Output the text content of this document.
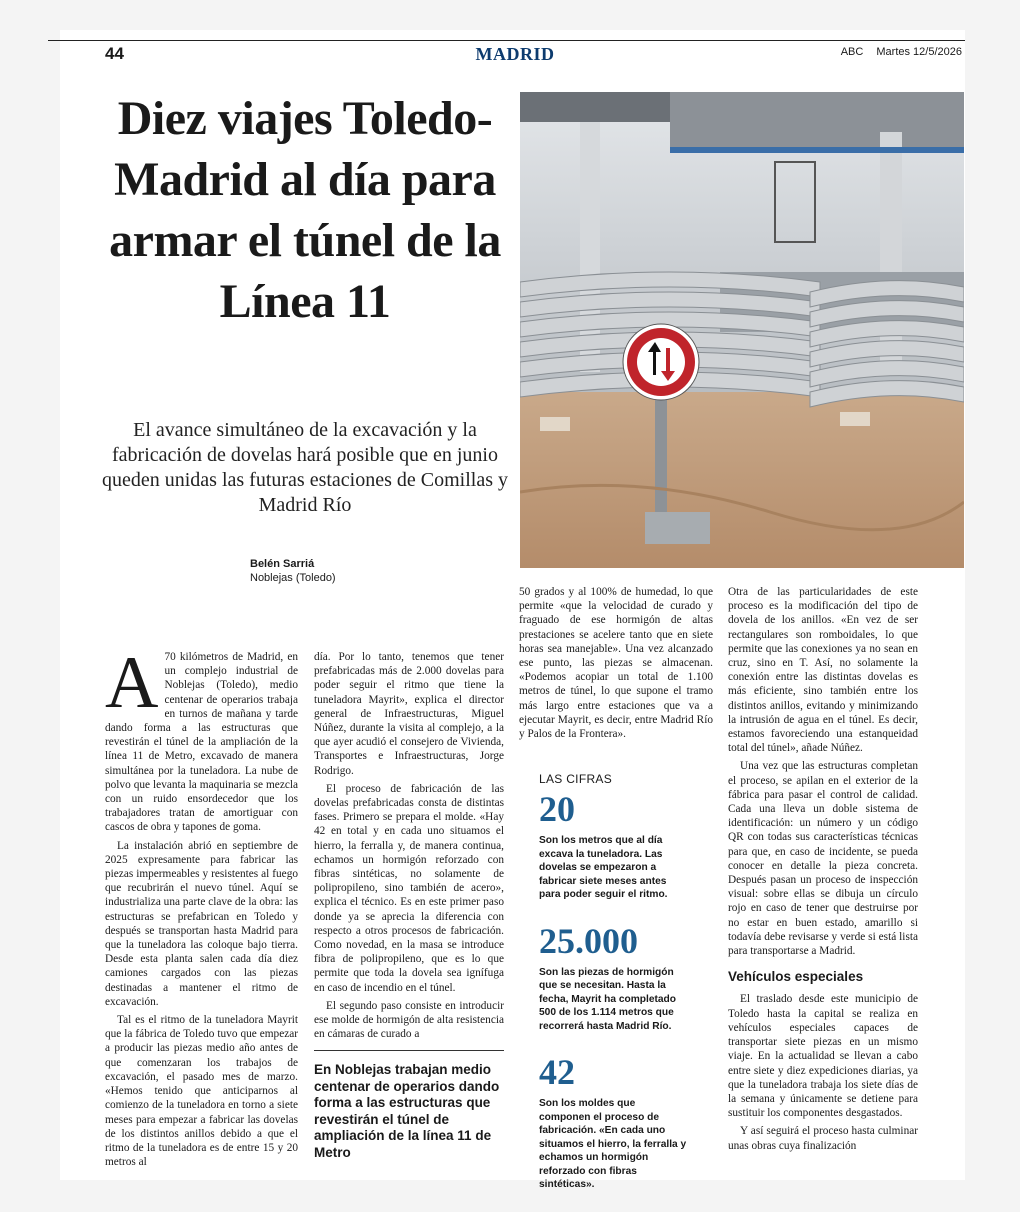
44	MADRID	ABC Martes 12/5/2026
Diez viajes Toledo-Madrid al día para armar el túnel de la Línea 11

El avance simultáneo de la excavación y la fabricación de dovelas hará posible que en junio queden unidas las futuras estaciones de Comillas y Madrid Río

Belén Sarriá
Noblejas (Toledo)

A 70 kilómetros de Madrid, en un complejo industrial de Noblejas (Toledo), medio centenar de operarios trabaja en turnos de mañana y tarde dando forma a las estructuras que revestirán el túnel de la ampliación de la línea 11 de Metro, excavado de manera simultánea por la tuneladora. La nube de polvo que levanta la maquinaria se mezcla con un ruido ensordecedor que los trabajadores tratan de amortiguar con cascos de obra y tapones de goma.

La instalación abrió en septiembre de 2025 expresamente para fabricar las piezas impermeables y resistentes al fuego que recubrirán el nuevo túnel. Aquí se industrializa una parte clave de la obra: las estructuras se prefabrican en Toledo y después se transportan hasta Madrid para que la tuneladora las coloque bajo tierra. Desde esta planta salen cada día diez camiones cargados con las piezas destinadas a mantener el ritmo de excavación.

Tal es el ritmo de la tuneladora Mayrit que la fábrica de Toledo tuvo que empezar a producir las piezas medio año antes de que comenzaran los trabajos de excavación, el pasado mes de marzo. «Hemos tenido que anticiparnos al comienzo de la tuneladora en torno a siete meses para empezar a fabricar las dovelas de los distintos anillos debido a que el ritmo de la tuneladora es de entre 15 y 20 metros al

día. Por lo tanto, tenemos que tener prefabricadas más de 2.000 dovelas para poder seguir el ritmo que tiene la tuneladora Mayrit», explica el director general de Infraestructuras, Miguel Núñez, durante la visita al complejo, a la que ayer acudió el consejero de Vivienda, Transportes e Infraestructuras, Jorge Rodrigo.

El proceso de fabricación de las dovelas prefabricadas consta de distintas fases. Primero se prepara el molde. «Hay 42 en total y en cada uno situamos el hierro, la ferralla y, de manera continua, echamos un hormigón reforzado con fibras sintéticas, no solamente de polipropileno, sino también de acero», explica el técnico. Es en este primer paso donde ya se aprecia la diferencia con respecto a otros procesos de fabricación. Como novedad, en la masa se introduce fibra de polipropileno, que es lo que permite que toda la dovela sea ignífuga en caso de incendio en el túnel.

El segundo paso consiste en introducir ese molde de hormigón de alta resistencia en cámaras de curado a

En Noblejas trabajan medio centenar de operarios dando forma a las estructuras que revestirán el túnel de ampliación de la línea 11 de Metro

50 grados y al 100% de humedad, lo que permite «que la velocidad de curado y fraguado de ese hormigón de altas prestaciones se acelere tanto que en siete horas sea manejable». Una vez alcanzado ese punto, las piezas se almacenan. «Podemos acopiar un total de 1.100 metros de túnel, lo que supone el tramo más largo entre estaciones que va a ejecutar Mayrit, es decir, entre Madrid Río y Palos de la Frontera».

LAS CIFRAS
20
Son los metros que al día excava la tuneladora. Las dovelas se empezaron a fabricar siete meses antes para poder seguir el ritmo.
25.000
Son las piezas de hormigón que se necesitan. Hasta la fecha, Mayrit ha completado 500 de los 1.114 metros que recorrerá hasta Madrid Río.
42
Son los moldes que componen el proceso de fabricación. «En cada uno situamos el hierro, la ferralla y echamos un hormigón reforzado con fibras sintéticas».

Otra de las particularidades de este proceso es la modificación del tipo de dovela de los anillos. «En vez de ser rectangulares son romboidales, lo que permite que las conexiones ya no sean en cruz, sino en T. Así, no solamente la conexión entre las distintas dovelas es más eficiente, sino también entre los distintos anillos, evitando y minimizando la intrusión de agua en el túnel. Es decir, estamos favoreciendo una estanqueidad total del túnel», añade Núñez.

Una vez que las estructuras completan el proceso, se apilan en el exterior de la fábrica para pasar el control de calidad. Cada una lleva un doble sistema de identificación: un número y un código QR con todas sus características técnicas para que, en caso de incidente, se pueda conocer en detalle la pieza concreta. Después pasan un proceso de inspección visual: sobre ellas se dibuja un círculo rojo en caso de tener que destruirse por no estar en buen estado, amarillo si todavía debe revisarse y verde si está lista para transportarse a Madrid.

Vehículos especiales

El traslado desde este municipio de Toledo hasta la capital se realiza en vehículos especiales capaces de transportar siete piezas en un mismo viaje. En la actualidad se llevan a cabo entre siete y diez expediciones diarias, ya que la tuneladora trabaja los siete días de la semana y únicamente se detiene para sustituir los componentes desgastados.

Y así seguirá el proceso hasta culminar unas obras cuya finalización
